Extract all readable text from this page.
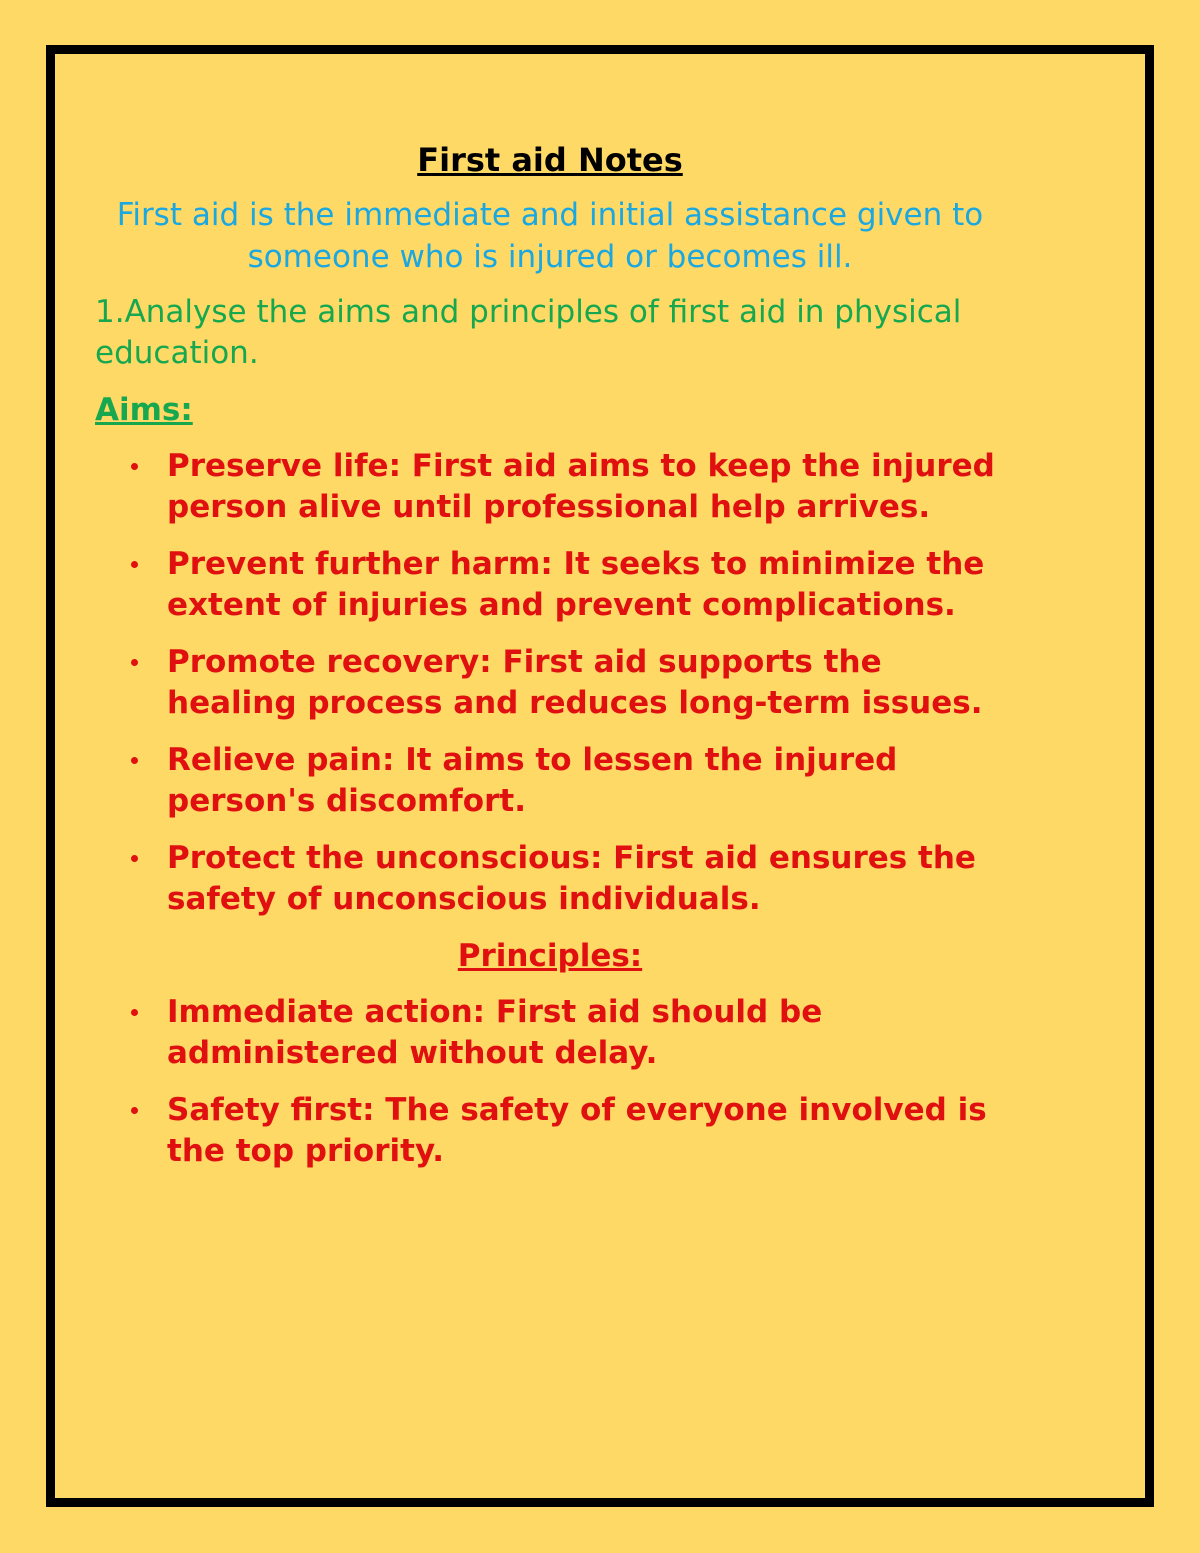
First aid Notes

First aid is the immediate and initial assistance given to someone who is injured or becomes ill.

1.Analyse the aims and principles of first aid in physical education.

Aims:
Preserve life: First aid aims to keep the injured person alive until professional help arrives.
Prevent further harm: It seeks to minimize the extent of injuries and prevent complications.
Promote recovery: First aid supports the healing process and reduces long-term issues.
Relieve pain: It aims to lessen the injured person's discomfort.
Protect the unconscious: First aid ensures the safety of unconscious individuals.
Principles:
Immediate action: First aid should be administered without delay.
Safety first: The safety of everyone involved is the top priority.
